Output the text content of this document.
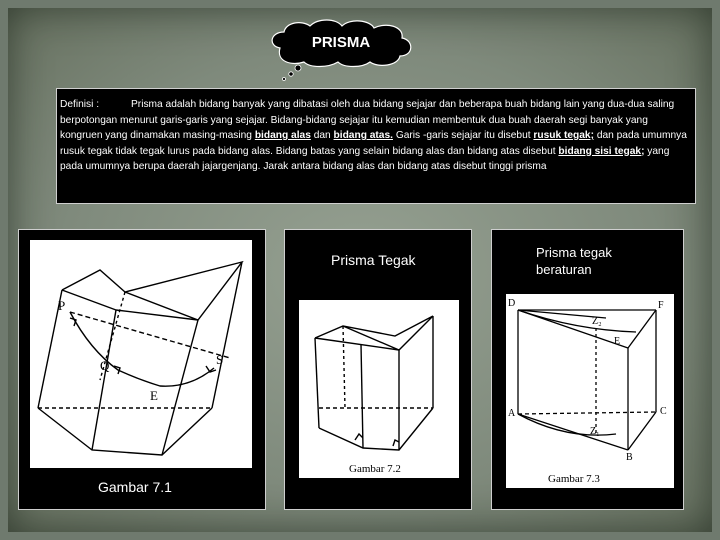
PRISMA
Definisi :	Prisma adalah bidang banyak yang dibatasi oleh dua bidang sejajar dan beberapa buah bidang lain yang dua-dua saling berpotongan menurut garis-garis yang sejajar. Bidang-bidang sejajar itu kemudian membentuk dua buah daerah segi banyak yang kongruen yang dinamakan masing-masing bidang alas dan bidang atas. Garis -garis sejajar itu disebut rusuk tegak; dan pada umumnya rusuk tegak tidak tegak lurus pada bidang alas. Bidang batas yang selain bidang alas dan bidang atas disebut bidang sisi tegak; yang pada umumnya berupa daerah jajargenjang. Jarak antara bidang alas dan bidang atas disebut tinggi prisma
P
Q
E
S
Gambar 7.1
Prisma Tegak
Gambar 7.2
Prisma tegak
beraturan
D	F
Z₂
E
A	C
Z₁
B
Gambar 7.3
